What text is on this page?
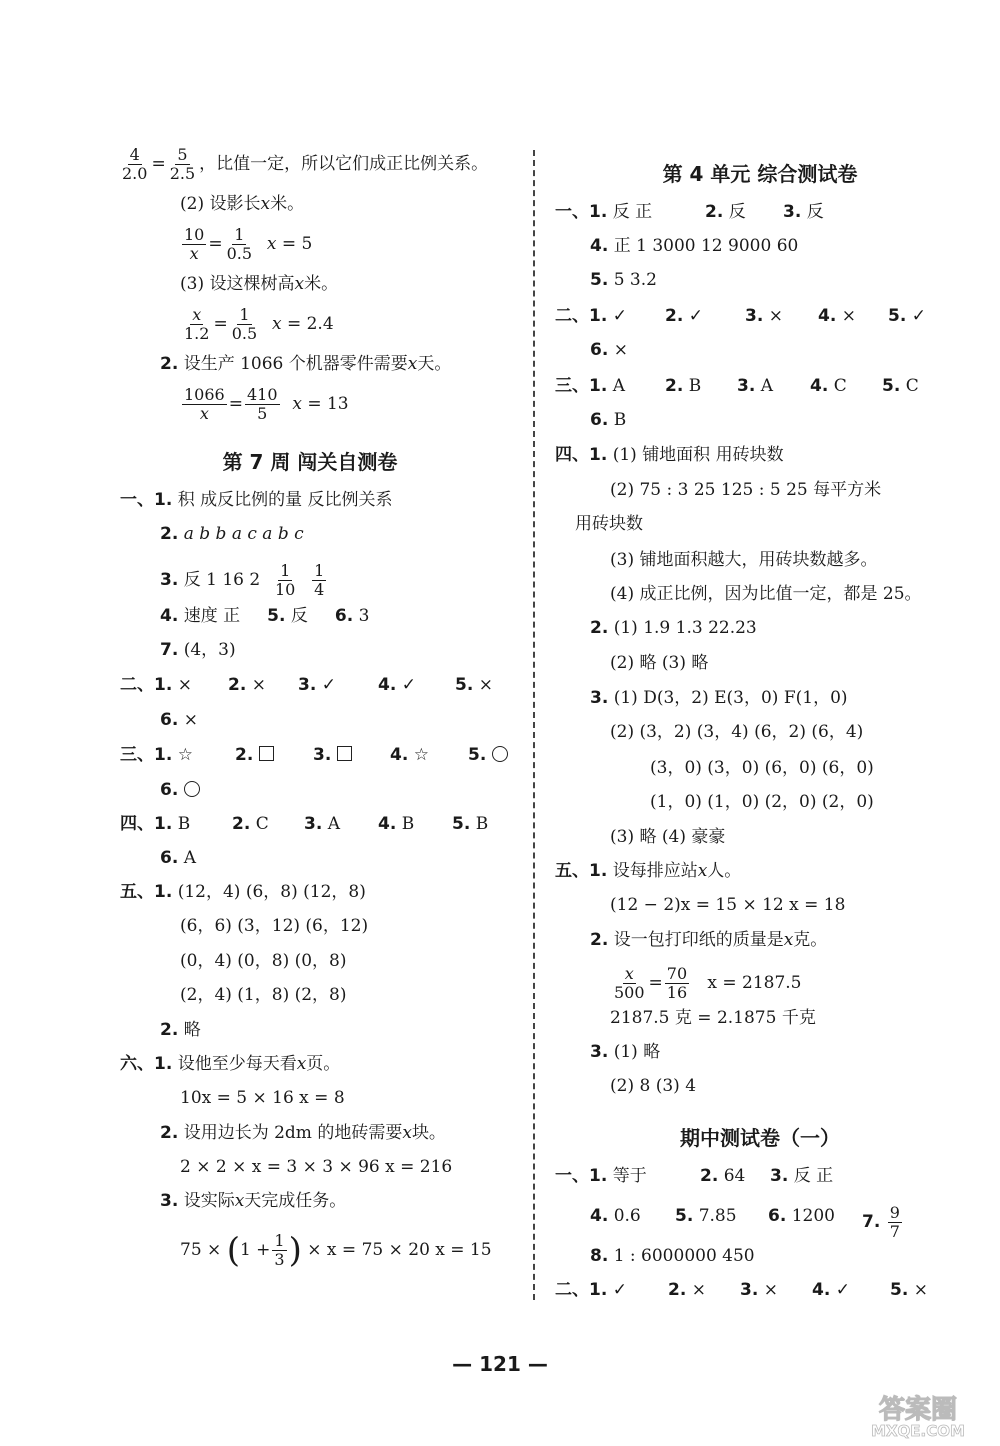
$\frac{4}{2.0} = \frac{5}{2.5}$ ，比值一定，所以它们成正比例关系。
(2) 设影长x米。
$\frac{10}{x} = \frac{1}{0.5}$ x = 5
(3) 设这棵树高x米。
$\frac{x}{1.2} = \frac{1}{0.5}$ x = 2.4
2. 设生产 1066 个机器零件需要x天。
$\frac{1066}{x} = \frac{410}{5}$ x = 13
第 7 周 闯关自测卷
一、1. 积 成反比例的量 反比例关系
2. a b b a c a b c
3. 反 1 16 $2 \frac{1}{10}$
$\frac{1}{4}$
4. 速度 正 5. 反 6. 3
7. (4，3)
二、1. × 2. × 3. ✓ 4. ✓ 5. ×
6. ×
三、1. ☆ 2.	3.	4. ☆ 5.
6.
四、1. B 2. C 3. A 4. B 5. B
6. A
五、1. (12，4) (6，8) (12，8)
(6，6) (3，12) (6，12)
(0，4) (0，8) (0，8)
(2，4) (1，8) (2，8)
2. 略
六、1. 设他至少每天看x页。
10x = 5 × 16 x = 8
2. 设用边长为 2dm 的地砖需要x块。
2 × 2 × x = 3 × 3 × 96 x = 216
3. 设实际x天完成任务。
$75 \times (1 + \frac{1}{3}$ ) × x = 75 × 20 x = 15
第 4 单元 综合测试卷
一、1. 反 正	2. 反 3. 反
4. 正 1 3000 12 9000 60
5. 5 3.2
二、1. ✓ 2. ✓ 3. × 4. × 5. ✓
6. ×
三、1. A 2. B 3. A 4. C 5. C
6. B
四、1. (1) 铺地面积 用砖块数
(2) 75 : 3 25 125 : 5 25 每平方米
用砖块数
(3) 铺地面积越大，用砖块数越多。
(4) 成正比例，因为比值一定，都是 25。
2. (1) 1.9 1.3 22.23
(2) 略 (3) 略
3. (1) D(3，2) E(3，0) F(1，0)
(2) (3，2) (3，4) (6，2) (6，4)
(3，0) (3，0) (6，0) (6，0)
(1，0) (1，0) (2，0) (2，0)
(3) 略 (4) 豪豪
五、1. 设每排应站x人。
(12 − 2)x = 15 × 12 x = 18
2. 设一包打印纸的质量是x克。
$\frac{x}{500} = \frac{70}{16}$ x = 2187.5
2187.5 克 = 2.1875 千克
3. (1) 略
(2) 8 (3) 4
期中测试卷（一）
一、1. 等于	2. 64 3. 反 正
4. 0.6 5. 7.85 6. 1200 7. $\frac{9}{7}$
8. 1 : 6000000 450
二、1. ✓ 2. × 3. × 4. ✓ 5. ×
— 121 —
答案圈
MXQE.COM
